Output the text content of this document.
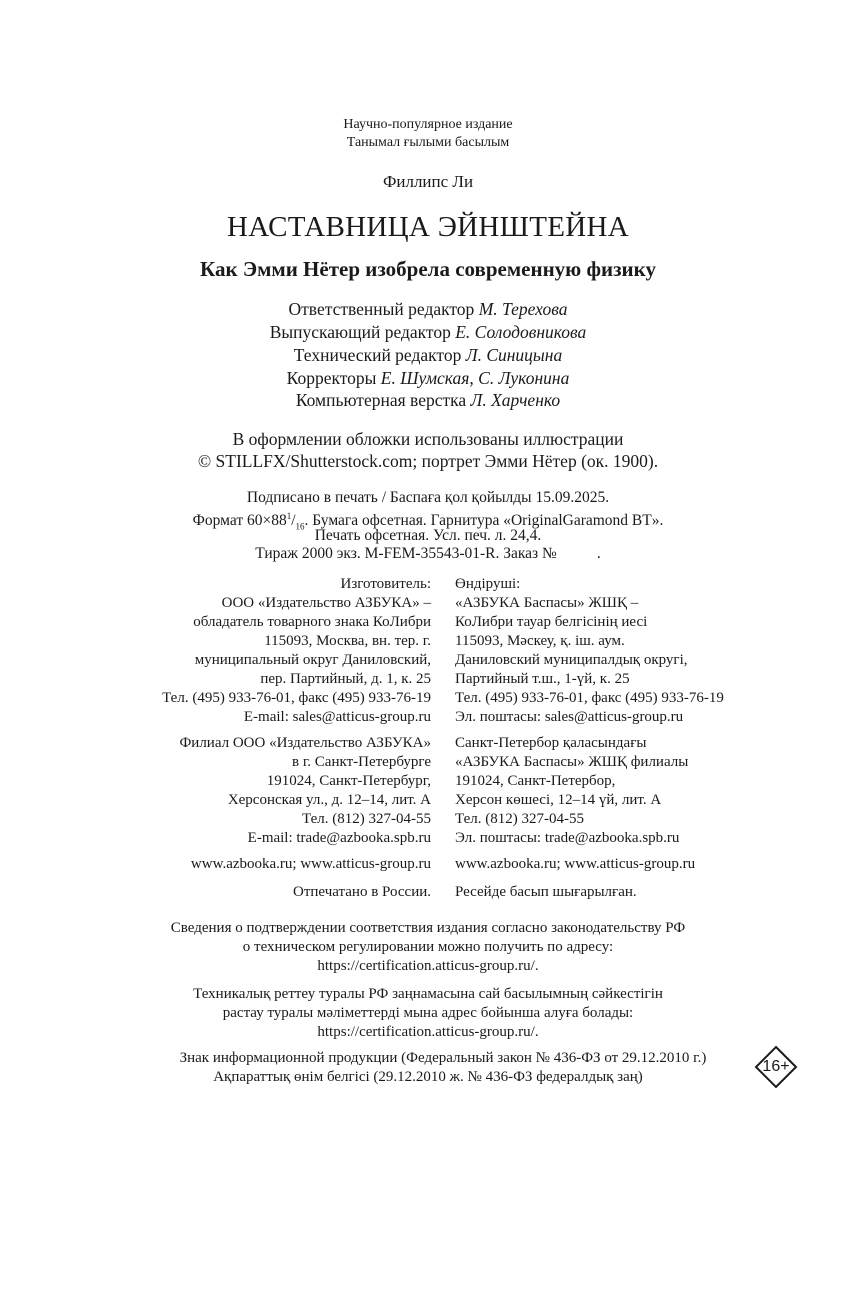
Научно-популярное издание
Танымал ғылыми басылым
Филлипс Ли
НАСТАВНИЦА ЭЙНШТЕЙНА
Как Эмми Нётер изобрела современную физику
Ответственный редактор М. Терехова
Выпускающий редактор Е. Солодовникова
Технический редактор Л. Синицына
Корректоры Е. Шумская, С. Луконина
Компьютерная верстка Л. Харченко
В оформлении обложки использованы иллюстрации
© STILLFX/Shutterstock.com; портрет Эмми Нётер (ок. 1900).
Подписано в печать / Баспаға қол қойылды 15.09.2025.
Формат $60\times 88^1/_{16}$. Бумага офсетная. Гарнитура «OriginalGaramond BT».
Печать офсетная. Усл. печ. л. 24,4.
Тираж 2000 экз. M-FEM-35543-01-R. Заказ №	.
Изготовитель:
ООО «Издательство АЗБУКА» –
обладатель товарного знака КоЛибри
115093, Москва, вн. тер. г.
муниципальный округ Даниловский,
пер. Партийный, д. 1, к. 25
Тел. (495) 933-76-01, факс (495) 933-76-19
E-mail: sales@atticus-group.ru
Өндіруші:
«АЗБУКА Баспасы» ЖШҚ –
КоЛибри тауар белгісінің иесі
115093, Мәскеу, қ. іш. аум.
Даниловский муниципалдық округі,
Партийный т.ш., 1-үй, к. 25
Тел. (495) 933-76-01, факс (495) 933-76-19
Эл. поштасы: sales@atticus-group.ru
Филиал ООО «Издательство АЗБУКА»
в г. Санкт-Петербурге
191024, Санкт-Петербург,
Херсонская ул., д. 12–14, лит. А
Тел. (812) 327-04-55
E-mail: trade@azbooka.spb.ru
Санкт-Петербор қаласындағы
«АЗБУКА Баспасы» ЖШҚ филиалы
191024, Санкт-Петербор,
Херсон көшесі, 12–14 үй, лит. А
Тел. (812) 327-04-55
Эл. поштасы: trade@azbooka.spb.ru
www.azbooka.ru; www.atticus-group.ru www.azbooka.ru; www.atticus-group.ru
Отпечатано в России. Ресейде басып шығарылған.
Сведения о подтверждении соответствия издания согласно законодательству РФ
о техническом регулировании можно получить по адресу:
https://certification.atticus-group.ru/.
Техникалық реттеу туралы РФ заңнамасына сай басылымның сәйкестігін
растау туралы мәліметтерді мына адрес бойынша алуға болады:
https://certification.atticus-group.ru/.
Знак информационной продукции (Федеральный закон № 436-ФЗ от 29.12.2010 г.)
Ақпараттық өнім белгісі (29.12.2010 ж. № 436-ФЗ федералдық заң)
16+
